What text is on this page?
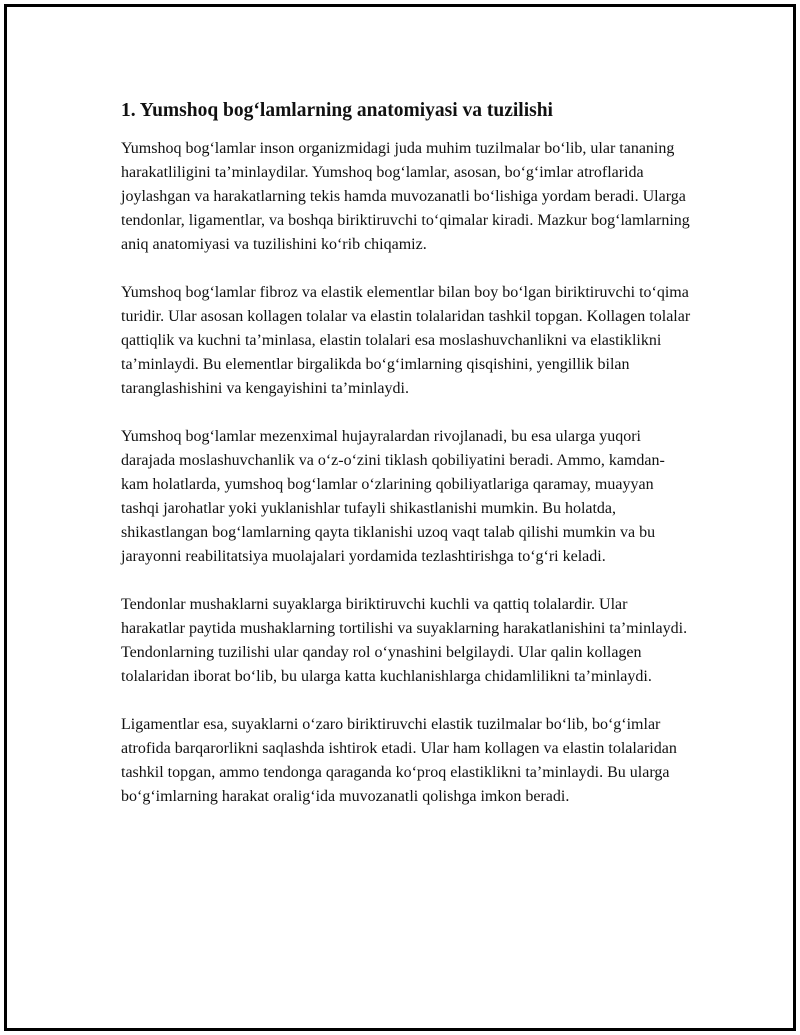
1. Yumshoq bog‘lamlarning anatomiyasi va tuzilishi

Yumshoq bog‘lamlar inson organizmidagi juda muhim tuzilmalar bo‘lib, ular tananing harakatliligini ta’minlaydilar. Yumshoq bog‘lamlar, asosan, bo‘g‘imlar atroflarida joylashgan va harakatlarning tekis hamda muvozanatli bo‘lishiga yordam beradi. Ularga tendonlar, ligamentlar, va boshqa biriktiruvchi to‘qimalar kiradi. Mazkur bog‘lamlarning aniq anatomiyasi va tuzilishini ko‘rib chiqamiz.

Yumshoq bog‘lamlar fibroz va elastik elementlar bilan boy bo‘lgan biriktiruvchi to‘qima turidir. Ular asosan kollagen tolalar va elastin tolalaridan tashkil topgan. Kollagen tolalar qattiqlik va kuchni ta’minlasa, elastin tolalari esa moslashuvchanlikni va elastiklikni ta’minlaydi. Bu elementlar birgalikda bo‘g‘imlarning qisqishini, yengillik bilan taranglashishini va kengayishini ta’minlaydi.

Yumshoq bog‘lamlar mezenximal hujayralardan rivojlanadi, bu esa ularga yuqori darajada moslashuvchanlik va o‘z-o‘zini tiklash qobiliyatini beradi. Ammo, kamdan-kam holatlarda, yumshoq bog‘lamlar o‘zlarining qobiliyatlariga qaramay, muayyan tashqi jarohatlar yoki yuklanishlar tufayli shikastlanishi mumkin. Bu holatda, shikastlangan bog‘lamlarning qayta tiklanishi uzoq vaqt talab qilishi mumkin va bu jarayonni reabilitatsiya muolajalari yordamida tezlashtirishga to‘g‘ri keladi.

Tendonlar mushaklarni suyaklarga biriktiruvchi kuchli va qattiq tolalardir. Ular harakatlar paytida mushaklarning tortilishi va suyaklarning harakatlanishini ta’minlaydi. Tendonlarning tuzilishi ular qanday rol o‘ynashini belgilaydi. Ular qalin kollagen tolalaridan iborat bo‘lib, bu ularga katta kuchlanishlarga chidamlilikni ta’minlaydi.

Ligamentlar esa, suyaklarni o‘zaro biriktiruvchi elastik tuzilmalar bo‘lib, bo‘g‘imlar atrofida barqarorlikni saqlashda ishtirok etadi. Ular ham kollagen va elastin tolalaridan tashkil topgan, ammo tendonga qaraganda ko‘proq elastiklikni ta’minlaydi. Bu ularga bo‘g‘imlarning harakat oralig‘ida muvozanatli qolishga imkon beradi.
